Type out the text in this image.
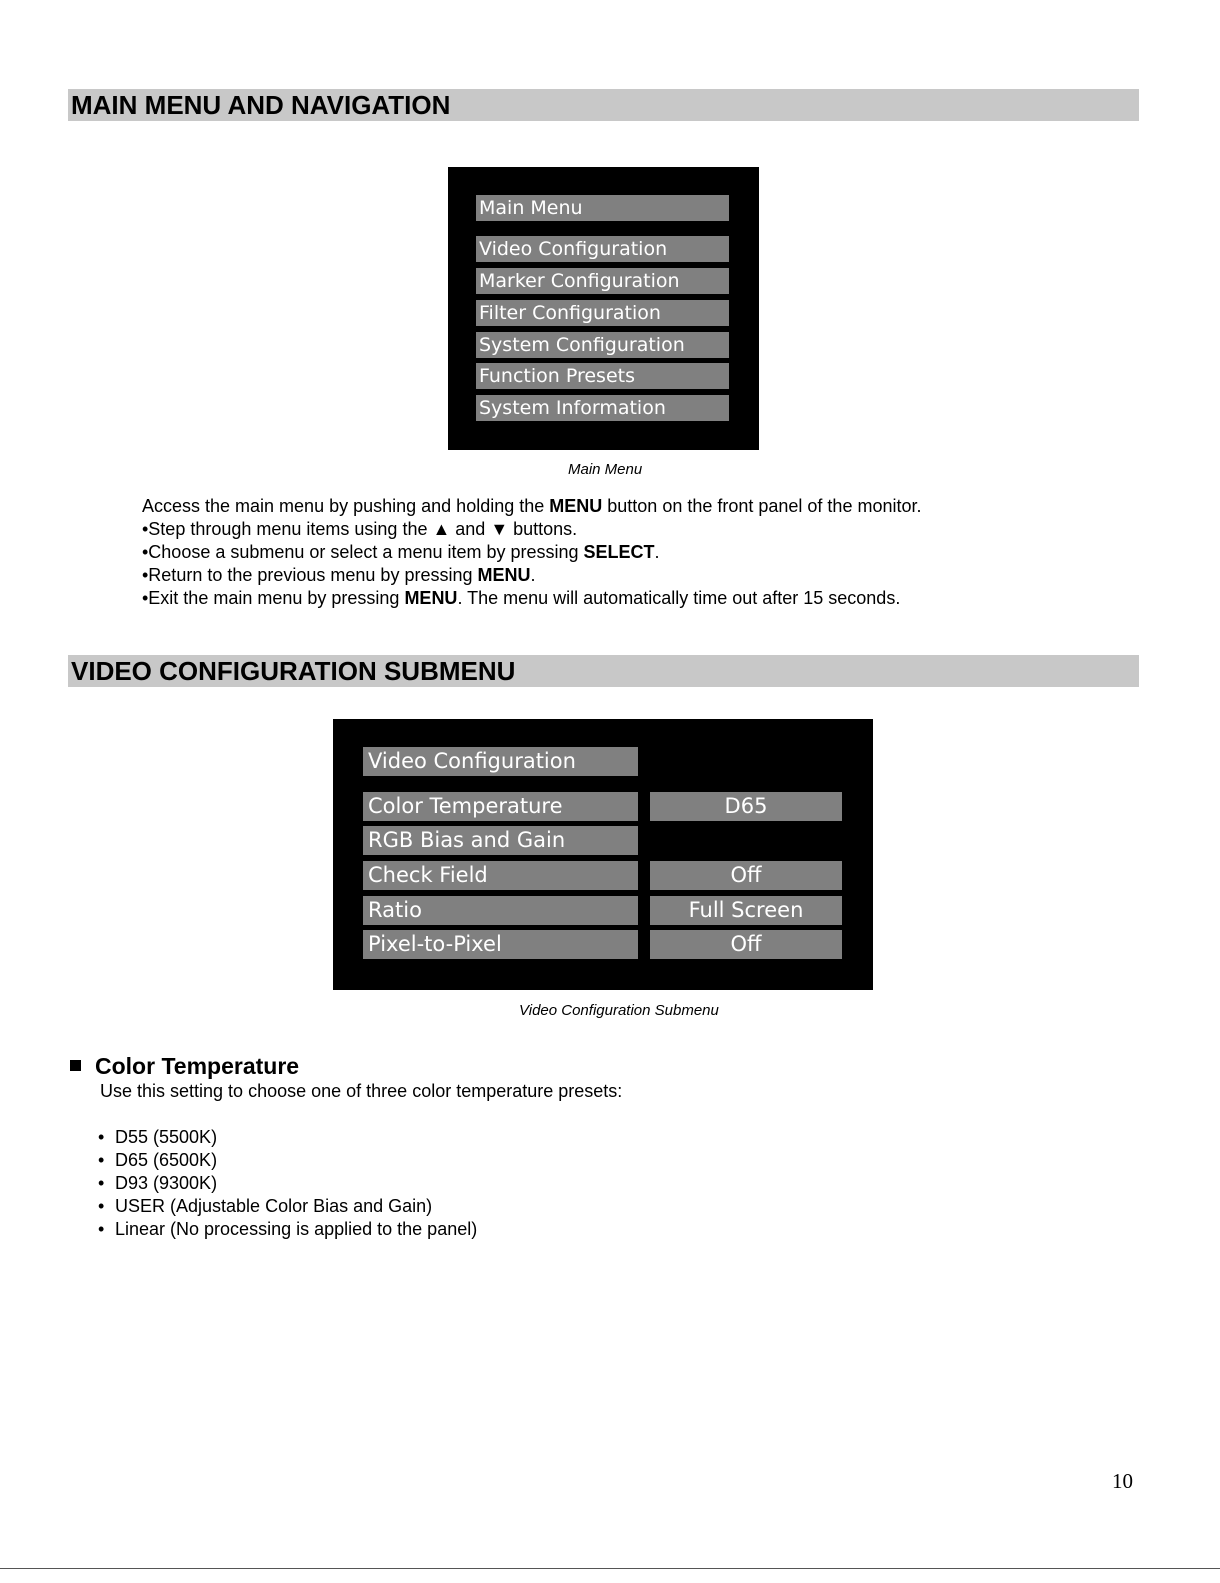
MAIN MENU AND NAVIGATION
Main Menu
Video Configuration
Marker Configuration
Filter Configuration
System Configuration
Function Presets
System Information
Main Menu

Access the main menu by pushing and holding the MENU button on the front panel of the monitor.

•Step through menu items using the ▲ and ▼ buttons.

•Choose a submenu or select a menu item by pressing SELECT.

•Return to the previous menu by pressing MENU.

•Exit the main menu by pressing MENU. The menu will automatically time out after 15 seconds.

VIDEO CONFIGURATION SUBMENU
Video Configuration
Color Temperature	D65
RGB Bias and Gain
Check Field	Off
Ratio	Full Screen
Pixel-to-Pixel	Off
Video Configuration Submenu
Color Temperature
Use this setting to choose one of three color temperature presets:
• D55 (5500K)
• D65 (6500K)
• D93 (9300K)
• USER (Adjustable Color Bias and Gain)
• Linear (No processing is applied to the panel)
10
